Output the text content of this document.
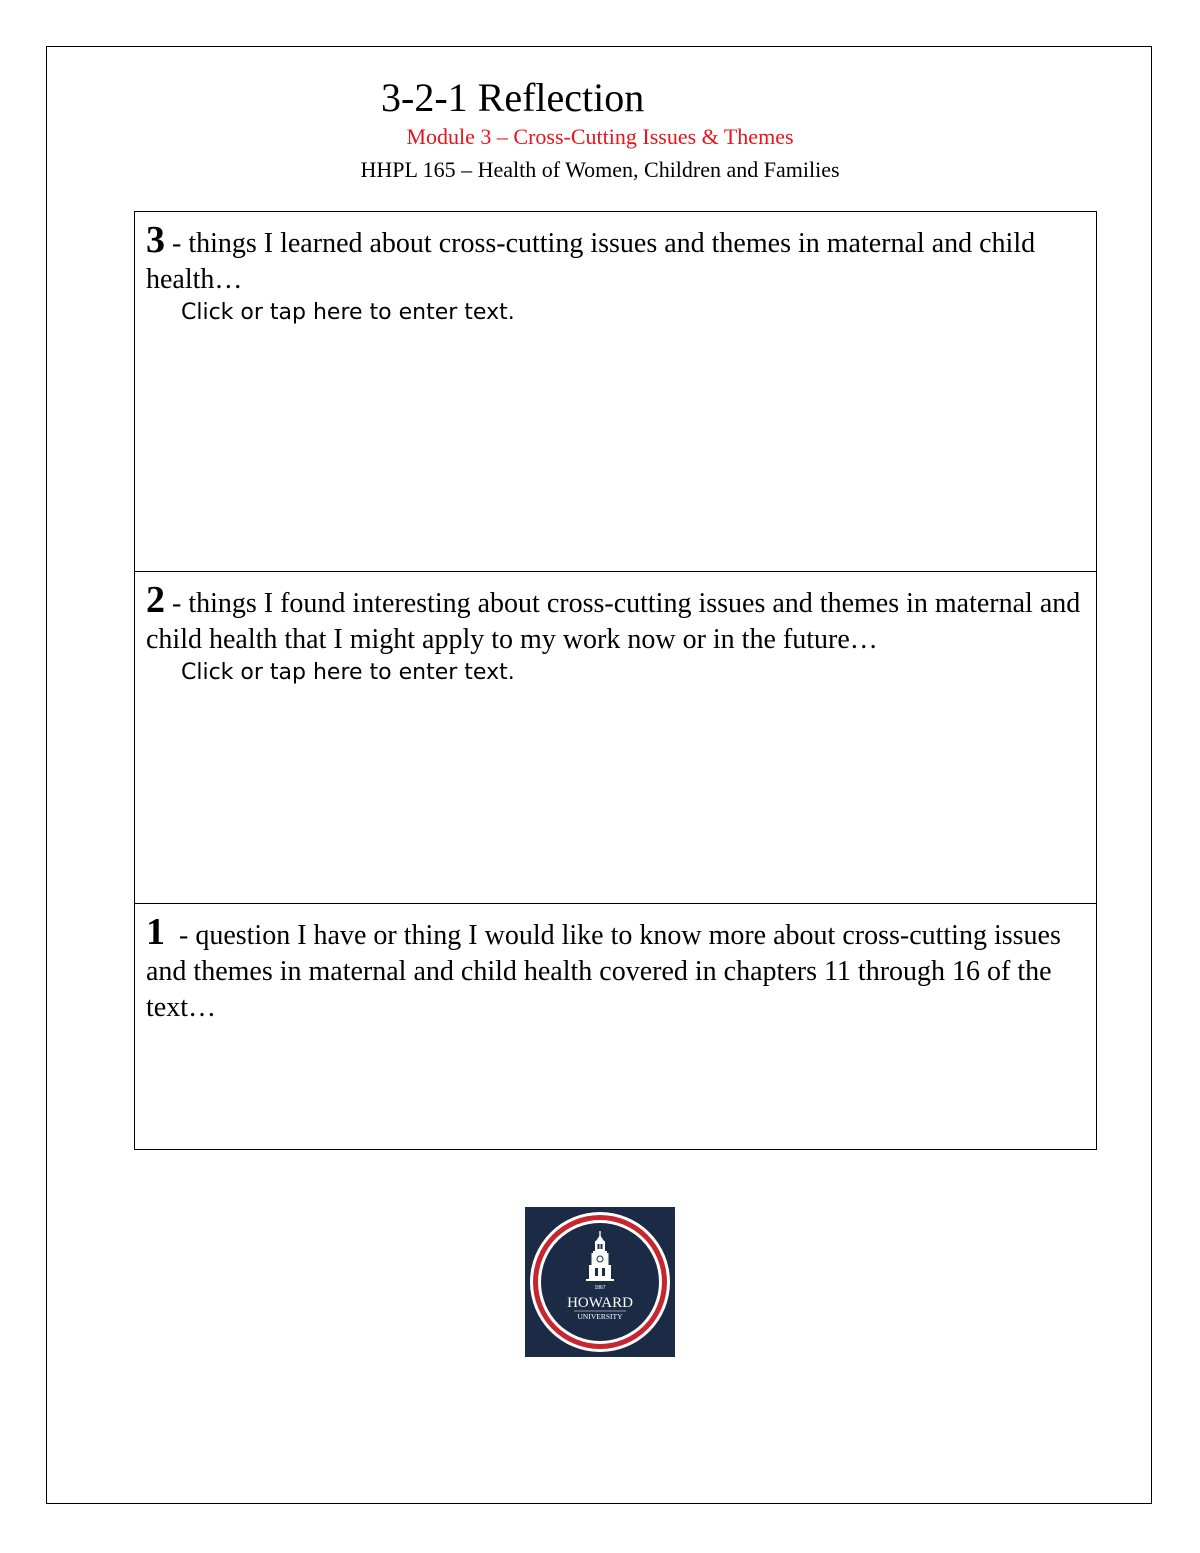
3-2-1 Reflection
Module 3 – Cross-Cutting Issues & Themes
HHPL 165 – Health of Women, Children and Families

3 - things I learned about cross-cutting issues and themes in maternal and child health…

Click or tap here to enter text.

2 - things I found interesting about cross-cutting issues and themes in maternal and child health that I might apply to my work now or in the future…

Click or tap here to enter text.

1  - question I have or thing I would like to know more about cross-cutting issues and themes in maternal and child health covered in chapters 11 through 16 of the text…

1867
HOWARD
UNIVERSITY
